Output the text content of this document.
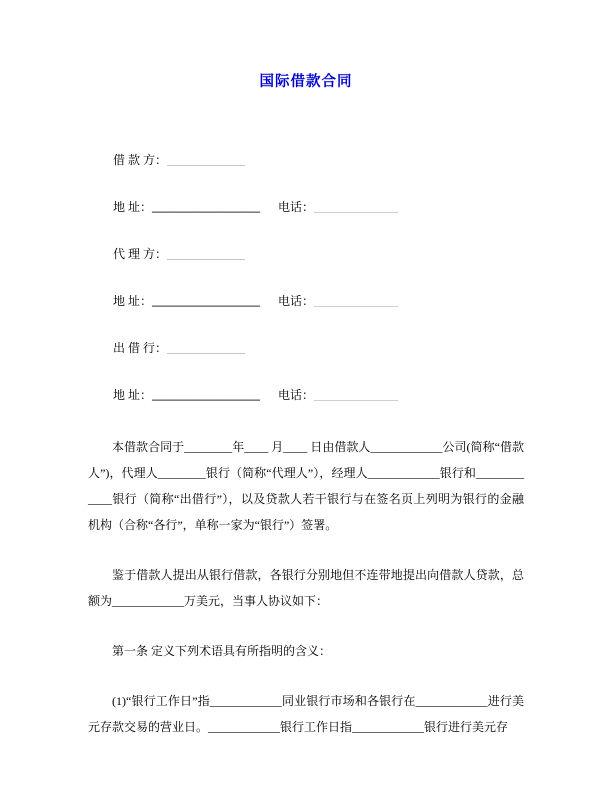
国际借款合同
借 款 方：_____________
地 址：__________________ 电话：______________
代 理 方：_____________
地 址：__________________ 电话：______________
出 借 行：_____________
地 址：__________________ 电话：______________

本借款合同于________年____ 月____ 日由借款人____________公司(简称“借款人”)，代理人________银行（简称“代理人”），经理人____________银行和____________银行（简称“出借行”），以及贷款人若干银行与在签名页上列明为银行的金融机构（合称“各行”，单称一家为“银行”）签署。

鉴于借款人提出从银行借款，各银行分别地但不连带地提出向借款人贷款，总额为____________万美元，当事人协议如下：

第一条 定义下列术语具有所指明的含义：

(1)“银行工作日”指____________同业银行市场和各银行在____________进行美元存款交易的营业日。____________银行工作日指____________银行进行美元存
